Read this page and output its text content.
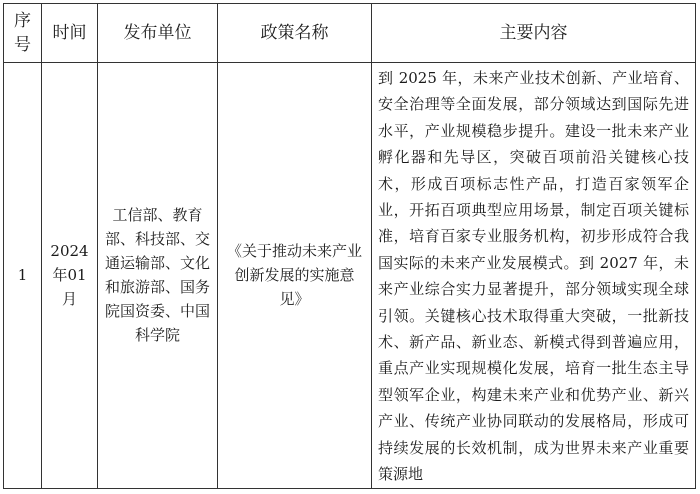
序号	时间	发布单位	政策名称	主要内容

1	2024年01月	工信部、教育部、科技部、交通运输部、文化和旅游部、国务院国资委、中国科学院	《关于推动未来产业创新发展的实施意见》	到 2025 年，未来产业技术创新、产业培育、安全治理等全面发展，部分领域达到国际先进水平，产业规模稳步提升。建设一批未来产业孵化器和先导区，突破百项前沿关键核心技术，形成百项标志性产品，打造百家领军企业，开拓百项典型应用场景，制定百项关键标准，培育百家专业服务机构，初步形成符合我国实际的未来产业发展模式。到 2027 年，未来产业综合实力显著提升，部分领域实现全球引领。关键核心技术取得重大突破，一批新技术、新产品、新业态、新模式得到普遍应用，重点产业实现规模化发展，培育一批生态主导型领军企业，构建未来产业和优势产业、新兴产业、传统产业协同联动的发展格局，形成可持续发展的长效机制，成为世界未来产业重要策源地
